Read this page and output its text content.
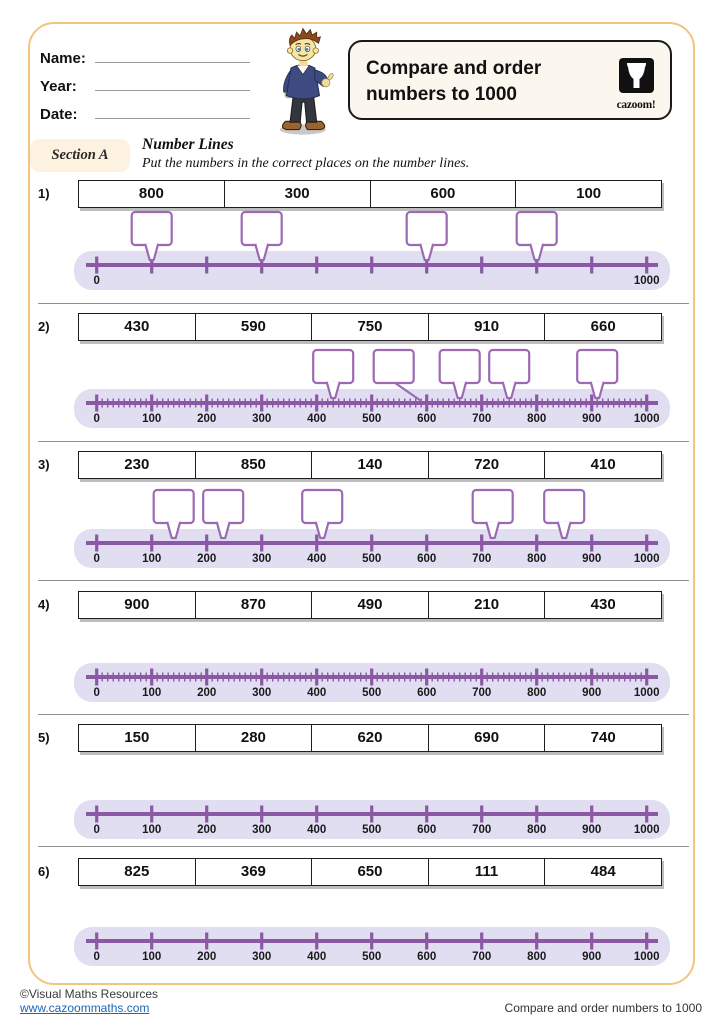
Name:
Year:
Date:
Compare and order
numbers to 1000	cazoom!
Section A
Number Lines
Put the numbers in the correct places on the number lines.
1)	800	300	600	100
0	1000
2)	430	590	750	910	660
0	100	200	300	400	500	600	700	800	900	1000
3)	230	850	140	720	410
0	100	200	300	400	500	600	700	800	900	1000
4)	900	870	490	210	430
0	100	200	300	400	500	600	700	800	900	1000
5)	150	280	620	690	740
0	100	200	300	400	500	600	700	800	900	1000
6)	825	369	650	111	484
0	100	200	300	400	500	600	700	800	900	1000
©Visual Maths Resources
www.cazoommaths.com	Compare and order numbers to 1000
